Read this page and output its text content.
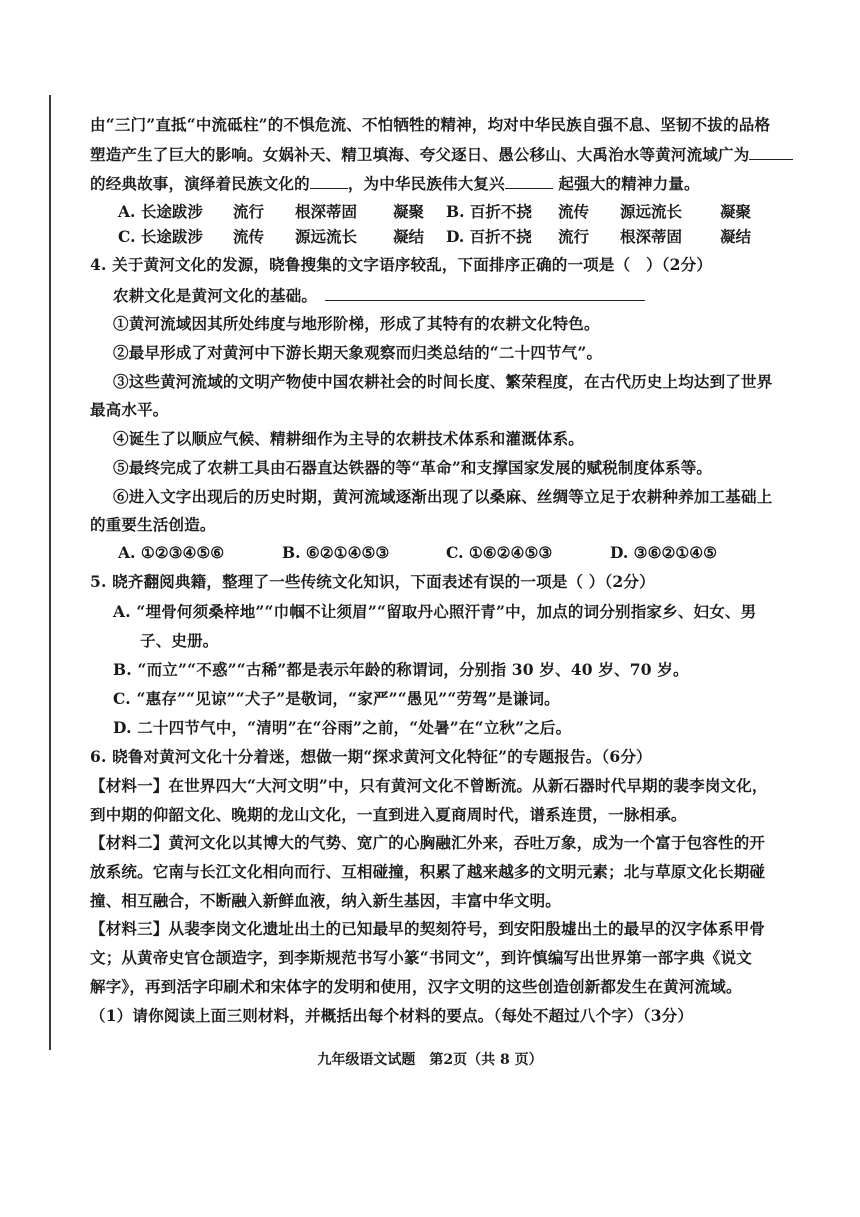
由“三门”直抵“中流砥柱”的不惧危流、不怕牺牲的精神，均对中华民族自强不息、坚韧不拔的品格
塑造产生了巨大的影响。女娲补天、精卫填海、夸父逐日、愚公移山、大禹治水等黄河流域广为
的经典故事，演绎着民族文化的 ，为中华民族伟大复兴	起强大的精神力量。
A. 长途跋涉 流行 根深蒂固 凝聚 B. 百折不挠 流传 源远流长 凝聚
C. 长途跋涉 流传 源远流长 凝结 D. 百折不挠 流行 根深蒂固 凝结
4. 关于黄河文化的发源，晓鲁搜集的文字语序较乱，下面排序正确的一项是（　）（2分）
农耕文化是黄河文化的基础。
①黄河流域因其所处纬度与地形阶梯，形成了其特有的农耕文化特色。
②最早形成了对黄河中下游长期天象观察而归类总结的“二十四节气”。
③这些黄河流域的文明产物使中国农耕社会的时间长度、繁荣程度，在古代历史上均达到了世界
最高水平。
④诞生了以顺应气候、精耕细作为主导的农耕技术体系和灌溉体系。
⑤最终完成了农耕工具由石器直达铁器的等“革命”和支撑国家发展的赋税制度体系等。
⑥进入文字出现后的历史时期，黄河流域逐渐出现了以桑麻、丝绸等立足于农耕种养加工基础上
的重要生活创造。
A. ①②③④⑤⑥	B. ⑥②①④⑤③	C. ①⑥②④⑤③	D. ③⑥②①④⑤
5. 晓齐翻阅典籍，整理了一些传统文化知识，下面表述有误的一项是（ ）（2分）
A. “埋骨何须桑梓地”“巾帼不让须眉”“留取丹心照汗青”中，加点的词分别指家乡、妇女、男
子、史册。
B. “而立”“不惑”“古稀”都是表示年龄的称谓词，分别指 30 岁、40 岁、70 岁。
C. “惠存”“见谅”“犬子”是敬词，“家严”“愚见”“劳驾”是谦词。
D. 二十四节气中，“清明”在“谷雨”之前，“处暑”在“立秋”之后。
6. 晓鲁对黄河文化十分着迷，想做一期“探求黄河文化特征”的专题报告。（6分）
【材料一】在世界四大“大河文明”中，只有黄河文化不曾断流。从新石器时代早期的裴李岗文化，
到中期的仰韶文化、晚期的龙山文化，一直到进入夏商周时代，谱系连贯，一脉相承。
【材料二】黄河文化以其博大的气势、宽广的心胸融汇外来，吞吐万象，成为一个富于包容性的开
放系统。它南与长江文化相向而行、互相碰撞，积累了越来越多的文明元素；北与草原文化长期碰
撞、相互融合，不断融入新鲜血液，纳入新生基因，丰富中华文明。
【材料三】从裴李岗文化遗址出土的已知最早的契刻符号，到安阳殷墟出土的最早的汉字体系甲骨
文；从黄帝史官仓颉造字，到李斯规范书写小篆“书同文”，到许慎编写出世界第一部字典《说文
解字》，再到活字印刷术和宋体字的发明和使用，汉字文明的这些创造创新都发生在黄河流域。
（1）请你阅读上面三则材料，并概括出每个材料的要点。（每处不超过八个字）（3分）
九年级语文试题　第2页（共 8 页）
